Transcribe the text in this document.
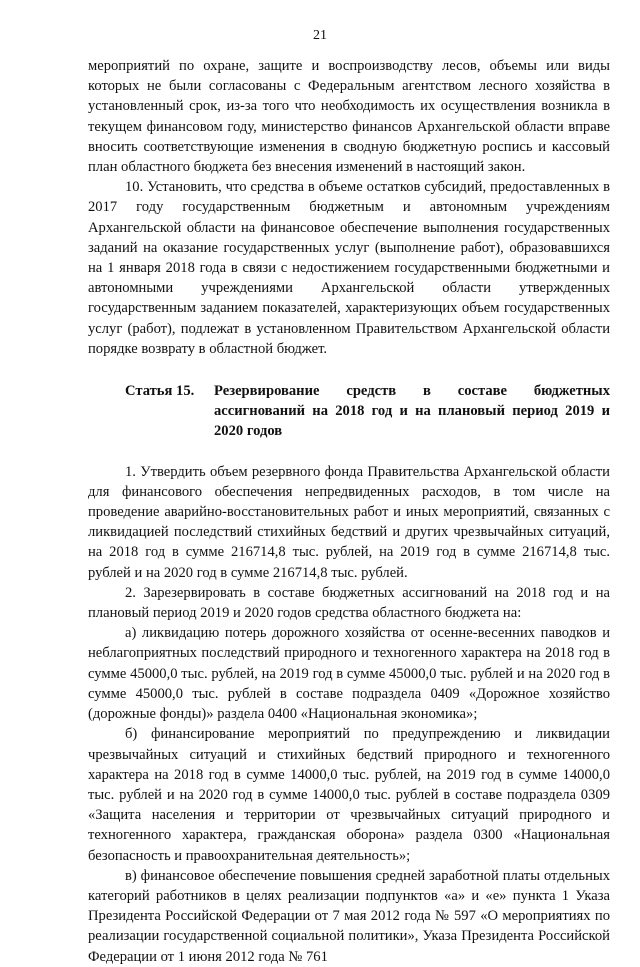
21

мероприятий по охране, защите и воспроизводству лесов, объемы или виды которых не были согласованы с Федеральным агентством лесного хозяйства в установленный срок, из-за того что необходимость их осуществления возникла в текущем финансовом году, министерство финансов Архангельской области вправе вносить соответствующие изменения в сводную бюджетную роспись и кассовый план областного бюджета без внесения изменений в настоящий закон.

10. Установить, что средства в объеме остатков субсидий, предоставленных в 2017 году государственным бюджетным и автономным учреждениям Архангельской области на финансовое обеспечение выполнения государственных заданий на оказание государственных услуг (выполнение работ), образовавшихся на 1 января 2018 года в связи с недостижением государственными бюджетными и автономными учреждениями Архангельской области утвержденных государственным заданием показателей, характеризующих объем государственных услуг (работ), подлежат в установленном Правительством Архангельской области порядке возврату в областной бюджет.

Статья 15.	Резервирование средств в составе бюджетных ассигнований на 2018 год и на плановый период 2019 и 2020 годов

1. Утвердить объем резервного фонда Правительства Архангельской области для финансового обеспечения непредвиденных расходов, в том числе на проведение аварийно-восстановительных работ и иных мероприятий, связанных с ликвидацией последствий стихийных бедствий и других чрезвычайных ситуаций, на 2018 год в сумме 216714,8 тыс. рублей, на 2019 год в сумме 216714,8 тыс. рублей и на 2020 год в сумме 216714,8 тыс. рублей.

2. Зарезервировать в составе бюджетных ассигнований на 2018 год и на плановый период 2019 и 2020 годов средства областного бюджета на:

а) ликвидацию потерь дорожного хозяйства от осенне-весенних паводков и неблагоприятных последствий природного и техногенного характера на 2018 год в сумме 45000,0 тыс. рублей, на 2019 год в сумме 45000,0 тыс. рублей и на 2020 год в сумме 45000,0 тыс. рублей в составе подраздела 0409 «Дорожное хозяйство (дорожные фонды)» раздела 0400 «Национальная экономика»;

б) финансирование мероприятий по предупреждению и ликвидации чрезвычайных ситуаций и стихийных бедствий природного и техногенного характера на 2018 год в сумме 14000,0 тыс. рублей, на 2019 год в сумме 14000,0 тыс. рублей и на 2020 год в сумме 14000,0 тыс. рублей в составе подраздела 0309 «Защита населения и территории от чрезвычайных ситуаций природного и техногенного характера, гражданская оборона» раздела 0300 «Национальная безопасность и правоохранительная деятельность»;

в) финансовое обеспечение повышения средней заработной платы отдельных категорий работников в целях реализации подпунктов «а» и «е» пункта 1 Указа Президента Российской Федерации от 7 мая 2012 года № 597 «О мероприятиях по реализации государственной социальной политики», Указа Президента Российской Федерации от 1 июня 2012 года № 761
